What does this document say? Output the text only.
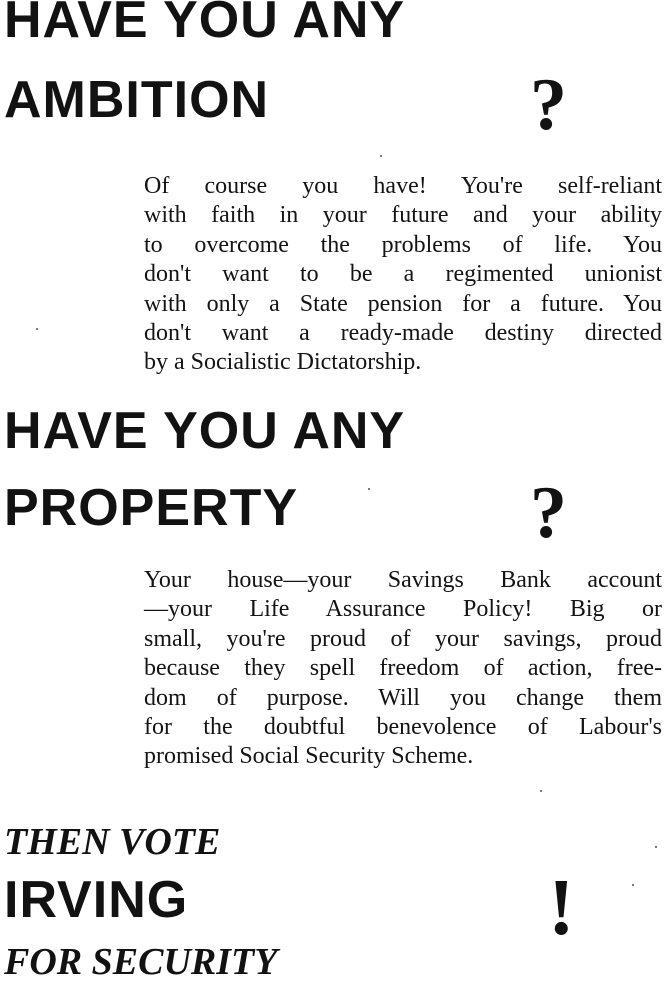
HAVE YOU ANY
AMBITION	?

Of course you have! You're self-reliant
with faith in your future and your ability
to overcome the problems of life. You
don't want to be a regimented unionist
with only a State pension for a future. You
don't want a ready-made destiny directed
by a Socialistic Dictatorship.

HAVE YOU ANY
PROPERTY	?

Your house—your Savings Bank account
—your Life Assurance Policy! Big or
small, you're proud of your savings, proud
because they spell freedom of action, free-
dom of purpose. Will you change them
for the doubtful benevolence of Labour's
promised Social Security Scheme.

THEN VOTE
IRVING
FOR SECURITY
!
